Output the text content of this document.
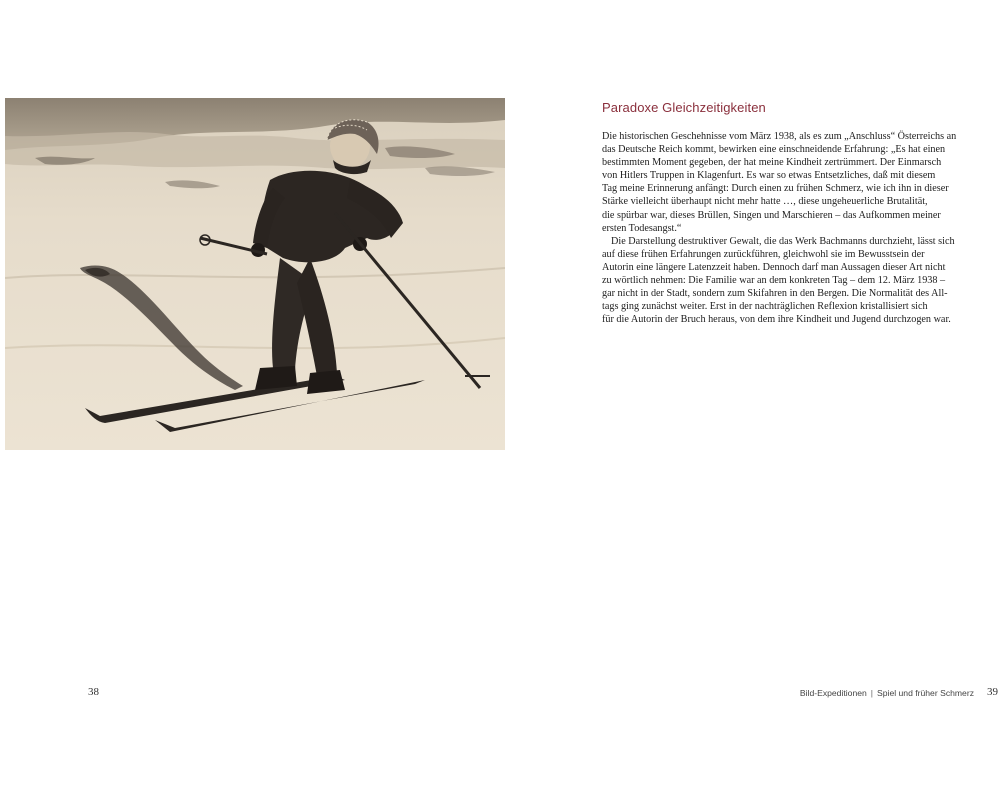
38
Paradoxe Gleichzeitigkeiten
Die historischen Geschehnisse vom März 1938, als es zum „Anschluss“ Österreichs an
das Deutsche Reich kommt, bewirken eine einschneidende Erfahrung: „Es hat einen
bestimmten Moment gegeben, der hat meine Kindheit zertrümmert. Der Einmarsch
von Hitlers Truppen in Klagenfurt. Es war so etwas Entsetzliches, daß mit diesem
Tag meine Erinnerung anfängt: Durch einen zu frühen Schmerz, wie ich ihn in dieser
Stärke vielleicht überhaupt nicht mehr hatte …, diese ungeheuerliche Brutalität,
die spürbar war, dieses Brüllen, Singen und Marschieren – das Aufkommen meiner
ersten Todesangst.“
Die Darstellung destruktiver Gewalt, die das Werk Bachmanns durchzieht, lässt sich
auf diese frühen Erfahrungen zurückführen, gleichwohl sie im Bewusstsein der
Autorin eine längere Latenzzeit haben. Dennoch darf man Aussagen dieser Art nicht
zu wörtlich nehmen: Die Familie war an dem konkreten Tag – dem 12. März 1938 –
gar nicht in der Stadt, sondern zum Skifahren in den Bergen. Die Normalität des All-
tags ging zunächst weiter. Erst in der nachträglichen Reflexion kristallisiert sich
für die Autorin der Bruch heraus, von dem ihre Kindheit und Jugend durchzogen war.
Bild-Expeditionen | Spiel und früher Schmerz 39
